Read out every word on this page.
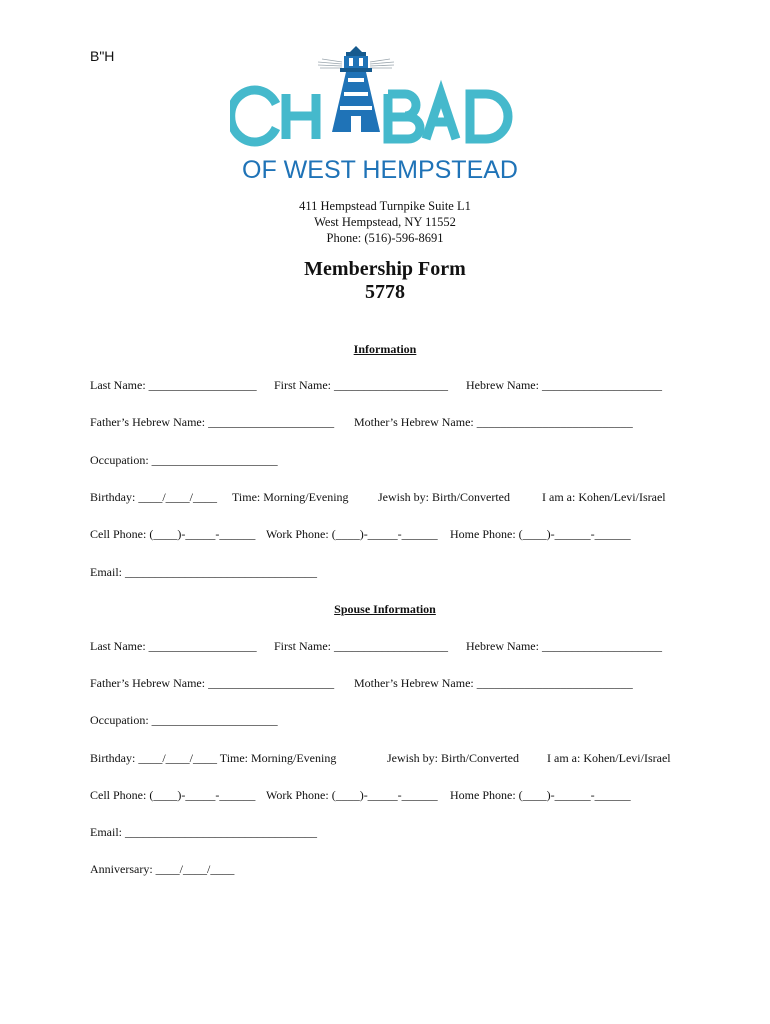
B"H
OF WEST HEMPSTEAD
411 Hempstead Turnpike Suite L1
West Hempstead, NY 11552
Phone: (516)-596-8691
Membership Form
5778
Information
Last Name: __________________ First Name: ___________________ Hebrew Name: ____________________
Father’s Hebrew Name: _____________________ Mother’s Hebrew Name: __________________________
Occupation: _____________________
Birthday: ____/____/____ Time: Morning/Evening Jewish by: Birth/Converted	I am a: Kohen/Levi/Israel
Cell Phone: (____)-_____-______ Work Phone: (____)-_____-______ Home Phone: (____)-______-______
Email: ________________________________
Spouse Information
Last Name: __________________ First Name: ___________________ Hebrew Name: ____________________
Father’s Hebrew Name: _____________________ Mother’s Hebrew Name: __________________________
Occupation: _____________________
Birthday: ____/____/____ Time: Morning/Evening	Jewish by: Birth/Converted I am a: Kohen/Levi/Israel
Cell Phone: (____)-_____-______ Work Phone: (____)-_____-______ Home Phone: (____)-______-______
Email: ________________________________
Anniversary: ____/____/____
